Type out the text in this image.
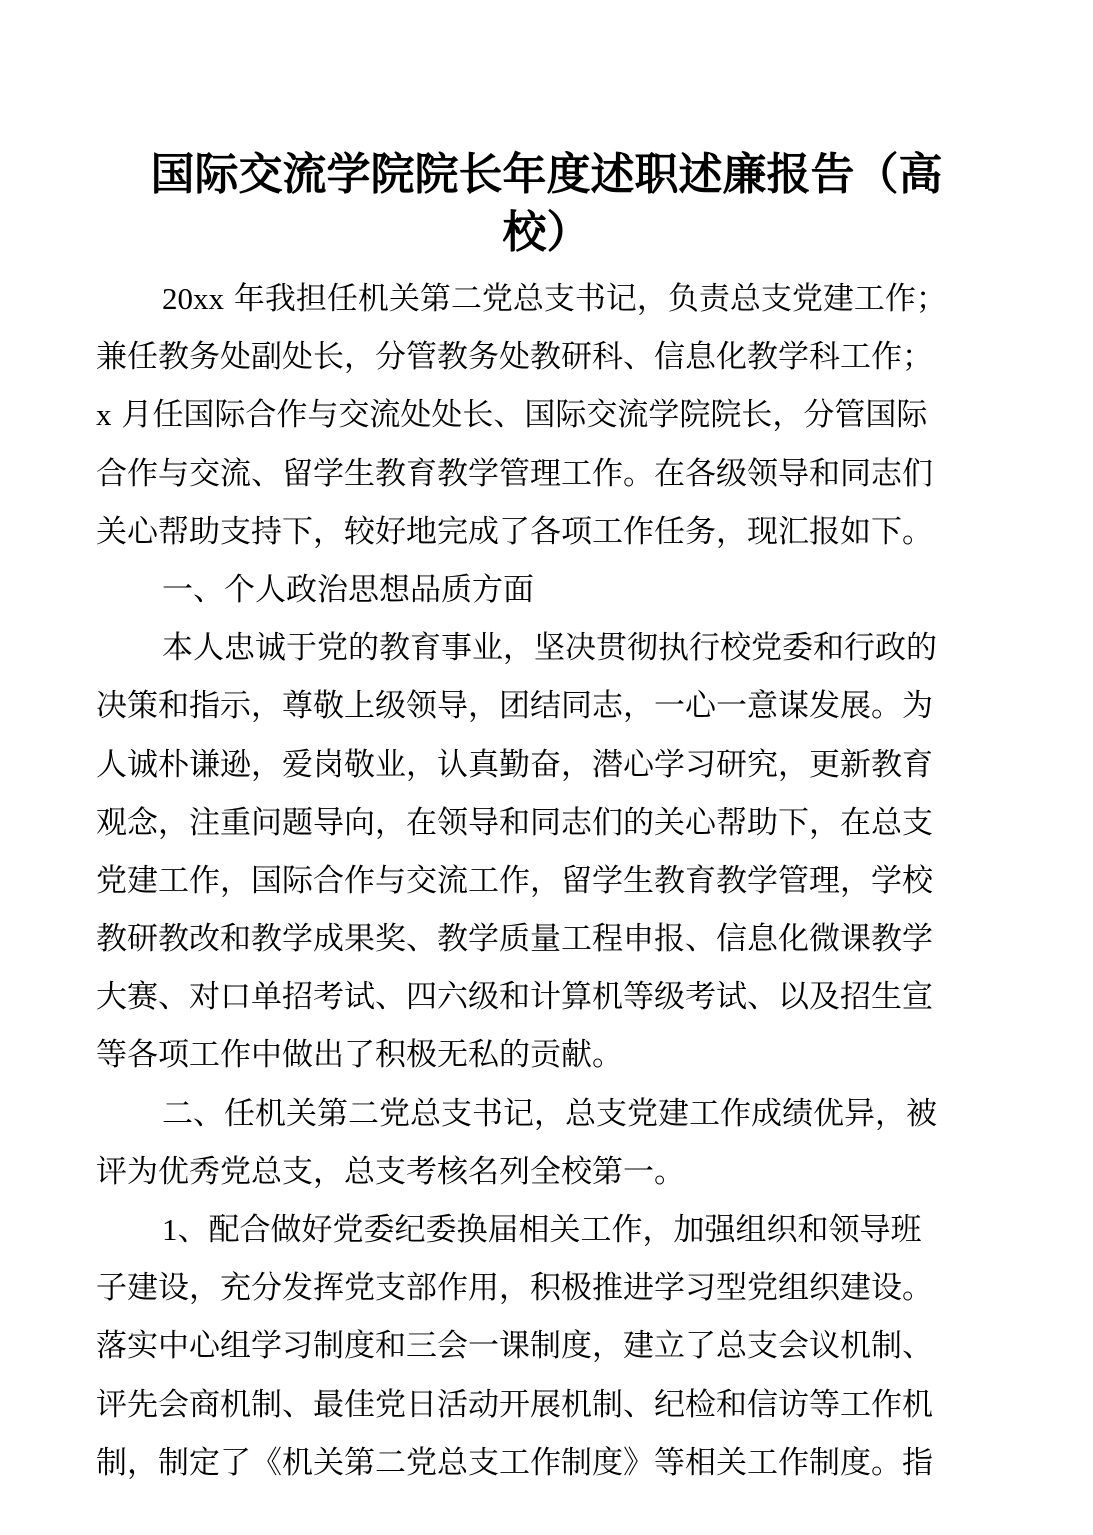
国际交流学院院长年度述职述廉报告（高
校）
20xx 年我担任机关第二党总支书记，负责总支党建工作；
兼任教务处副处长，分管教务处教研科、信息化教学科工作；
x 月任国际合作与交流处处长、国际交流学院院长，分管国际
合作与交流、留学生教育教学管理工作。在各级领导和同志们
关心帮助支持下，较好地完成了各项工作任务，现汇报如下。
一、个人政治思想品质方面
本人忠诚于党的教育事业，坚决贯彻执行校党委和行政的
决策和指示，尊敬上级领导，团结同志，一心一意谋发展。为
人诚朴谦逊，爱岗敬业，认真勤奋，潜心学习研究，更新教育
观念，注重问题导向，在领导和同志们的关心帮助下，在总支
党建工作，国际合作与交流工作，留学生教育教学管理，学校
教研教改和教学成果奖、教学质量工程申报、信息化微课教学
大赛、对口单招考试、四六级和计算机等级考试、以及招生宣
等各项工作中做出了积极无私的贡献。
二、任机关第二党总支书记，总支党建工作成绩优异，被
评为优秀党总支，总支考核名列全校第一。
1、配合做好党委纪委换届相关工作，加强组织和领导班
子建设，充分发挥党支部作用，积极推进学习型党组织建设。
落实中心组学习制度和三会一课制度，建立了总支会议机制、
评先会商机制、最佳党日活动开展机制、纪检和信访等工作机
制，制定了《机关第二党总支工作制度》等相关工作制度。指
